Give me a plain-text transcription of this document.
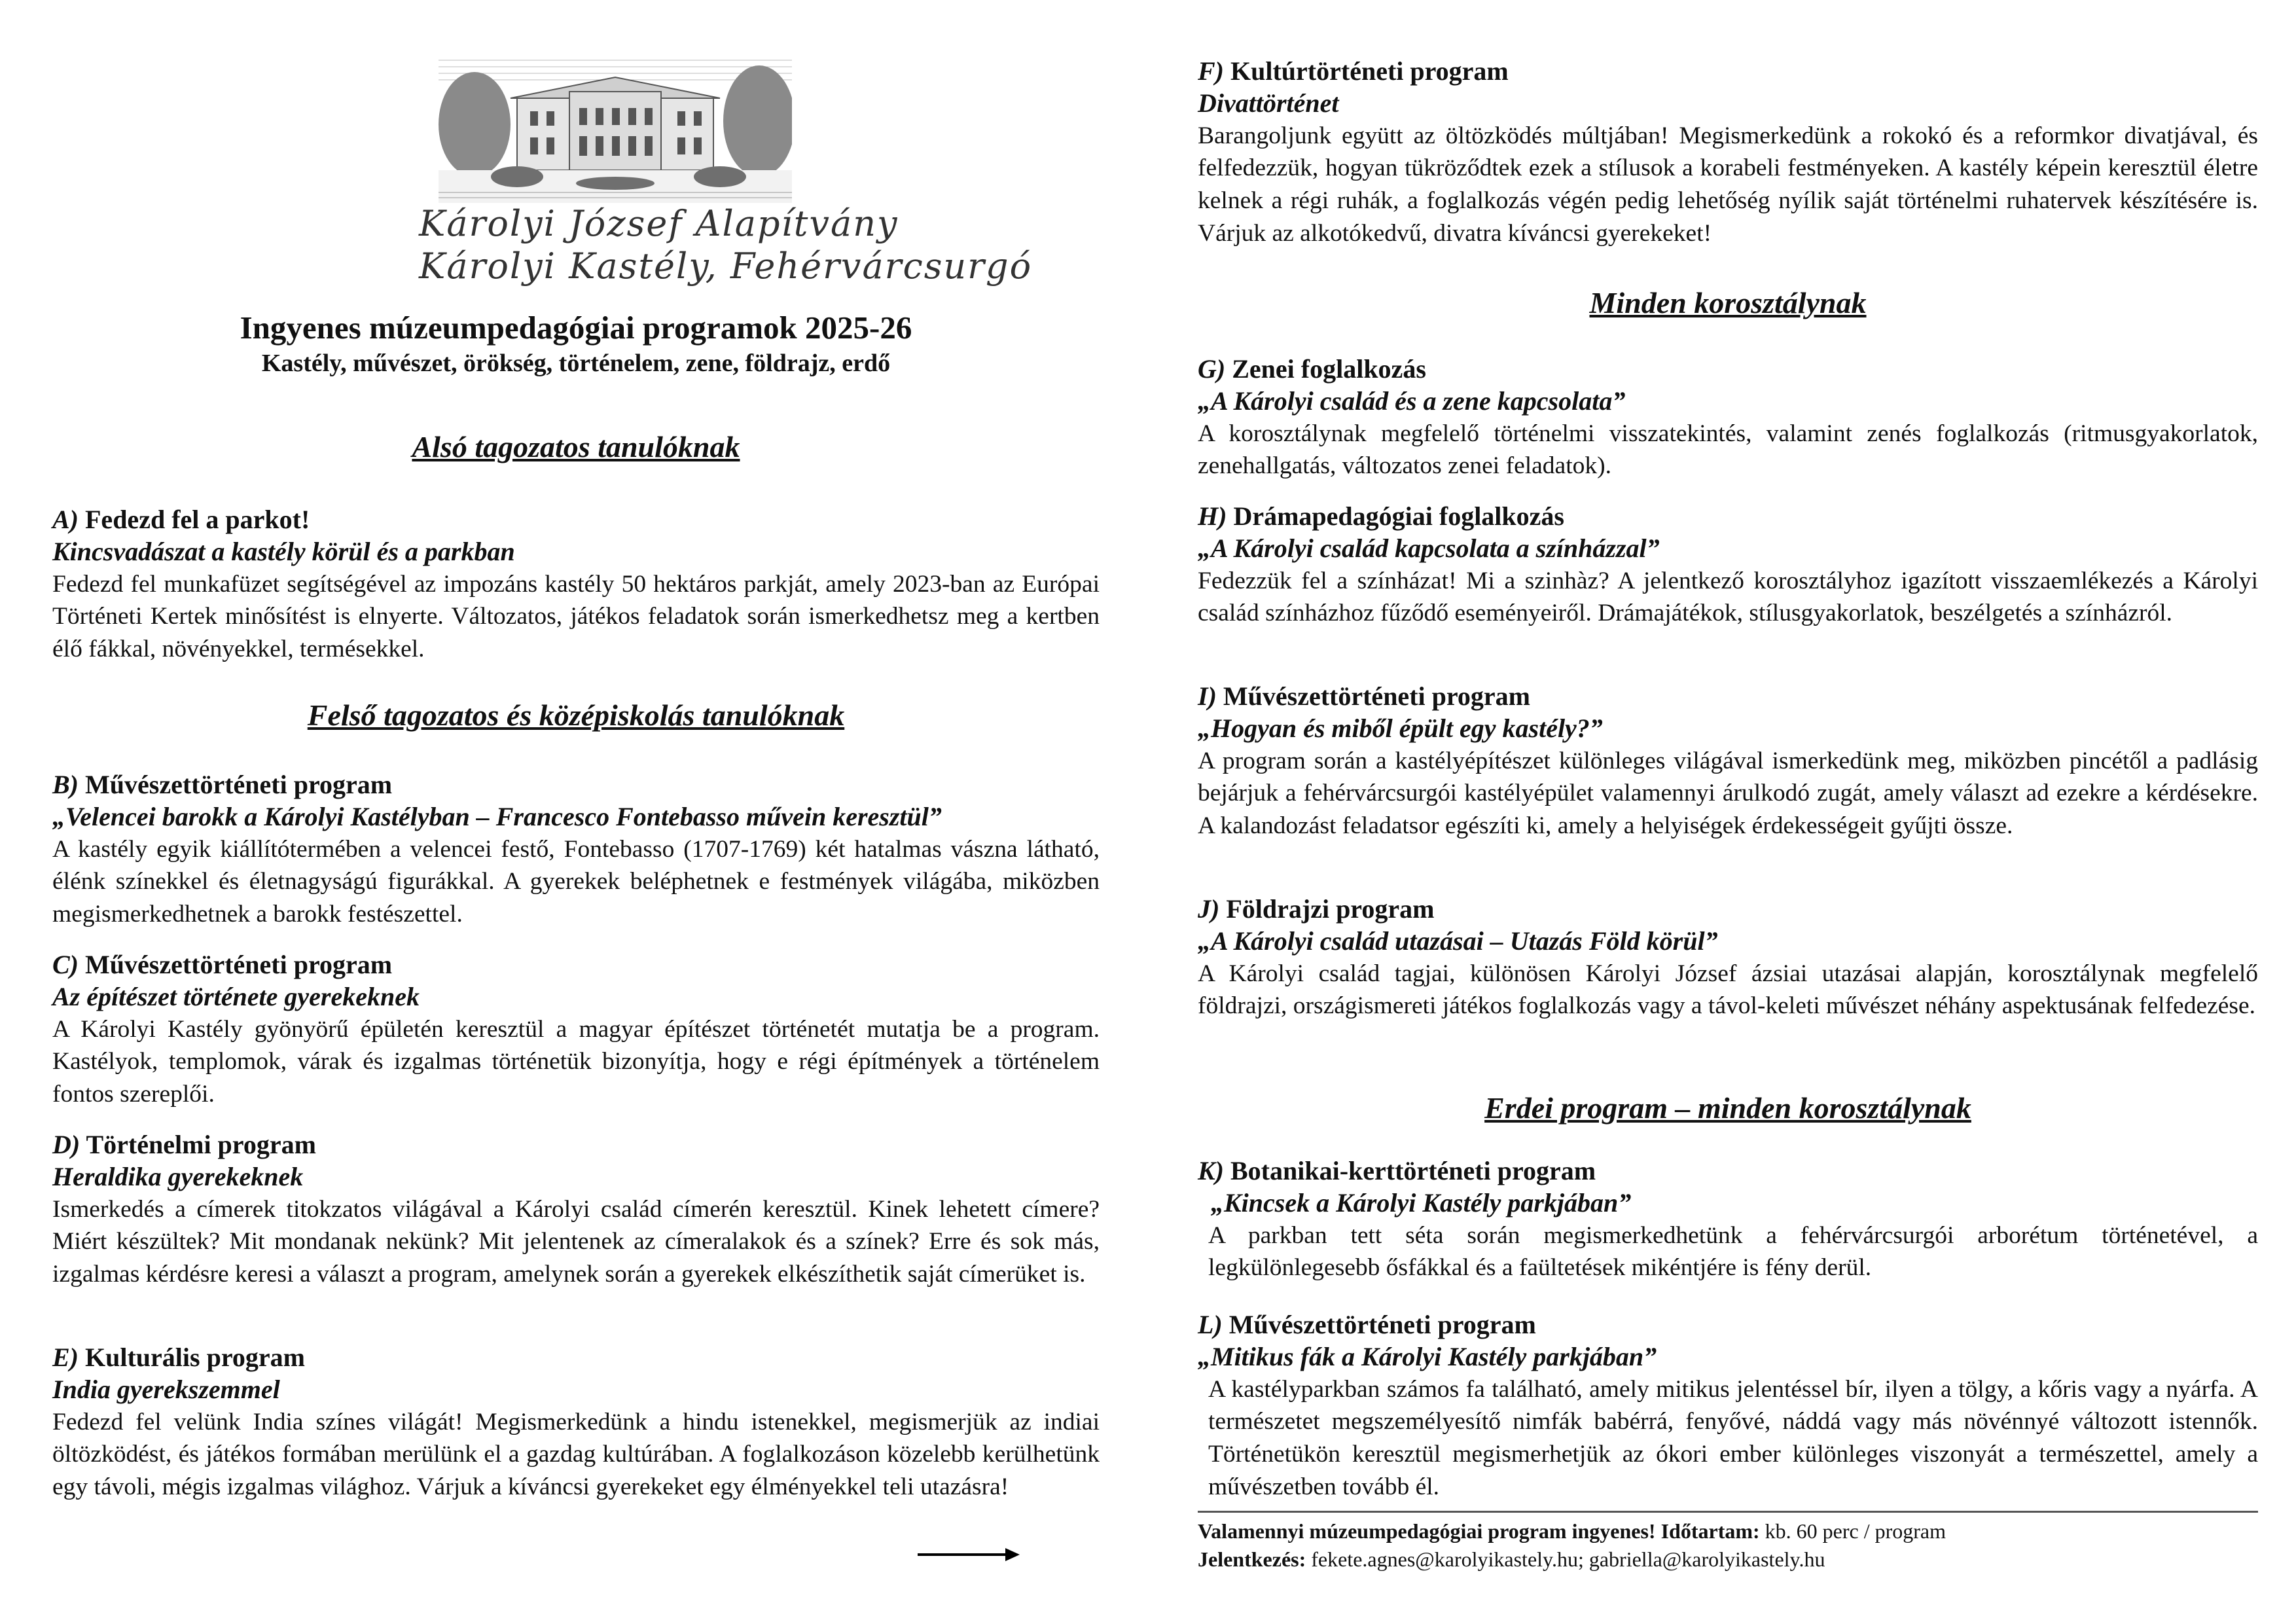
Károlyi József Alapítvány
Károlyi Kastély, Fehérvárcsurgó
Ingyenes múzeumpedagógiai programok 2025-26
Kastély, művészet, örökség, történelem, zene, földrajz, erdő
Alsó tagozatos tanulóknak
A) Fedezd fel a parkot!
Kincsvadászat a kastély körül és a parkban

Fedezd fel munkafüzet segítségével az impozáns kastély 50 hektáros parkját, amely 2023-ban az Európai Történeti Kertek minősítést is elnyerte. Változatos, játékos feladatok során ismerkedhetsz meg a kertben élő fákkal, növényekkel, termésekkel.

Felső tagozatos és középiskolás tanulóknak
B) Művészettörténeti program
„Velencei barokk a Károlyi Kastélyban – Francesco Fontebasso művein keresztül”

A kastély egyik kiállítótermében a velencei festő, Fontebasso (1707-1769) két hatalmas vászna látható, élénk színekkel és életnagyságú figurákkal. A gyerekek beléphetnek e festmények világába, miközben megismerkedhetnek a barokk festészettel.

C) Művészettörténeti program
Az építészet története gyerekeknek

A Károlyi Kastély gyönyörű épületén keresztül a magyar építészet történetét mutatja be a program. Kastélyok, templomok, várak és izgalmas történetük bizonyítja, hogy e régi építmények a történelem fontos szereplői.

D) Történelmi program
Heraldika gyerekeknek

Ismerkedés a címerek titokzatos világával a Károlyi család címerén keresztül. Kinek lehetett címere? Miért készültek? Mit mondanak nekünk? Mit jelentenek az címeralakok és a színek? Erre és sok más, izgalmas kérdésre keresi a választ a program, amelynek során a gyerekek elkészíthetik saját címerüket is.

E) Kulturális program
India gyerekszemmel

Fedezd fel velünk India színes világát! Megismerkedünk a hindu istenekkel, megismerjük az indiai öltözködést, és játékos formában merülünk el a gazdag kultúrában. A foglalkozáson közelebb kerülhetünk egy távoli, mégis izgalmas világhoz. Várjuk a kíváncsi gyerekeket egy élményekkel teli utazásra!

F) Kultúrtörténeti program
Divattörténet

Barangoljunk együtt az öltözködés múltjában! Megismerkedünk a rokokó és a reformkor divatjával, és felfedezzük, hogyan tükröződtek ezek a stílusok a korabeli festményeken. A kastély képein keresztül életre kelnek a régi ruhák, a foglalkozás végén pedig lehetőség nyílik saját történelmi ruhatervek készítésére is. Várjuk az alkotókedvű, divatra kíváncsi gyerekeket!

Minden korosztálynak
G) Zenei foglalkozás
„A Károlyi család és a zene kapcsolata”

A korosztálynak megfelelő történelmi visszatekintés, valamint zenés foglalkozás (ritmusgyakorlatok, zenehallgatás, változatos zenei feladatok).

H) Drámapedagógiai foglalkozás
„A Károlyi család kapcsolata a színházzal”

Fedezzük fel a színházat! Mi a szinhàz? A jelentkező korosztályhoz igazított visszaemlékezés a Károlyi család színházhoz fűződő eseményeiről. Drámajátékok, stílusgyakorlatok, beszélgetés a színházról.

I) Művészettörténeti program
„Hogyan és miből épült egy kastély?”

A program során a kastélyépítészet különleges világával ismerkedünk meg, miközben pincétől a padlásig bejárjuk a fehérvárcsurgói kastélyépület valamennyi árulkodó zugát, amely választ ad ezekre a kérdésekre. A kalandozást feladatsor egészíti ki, amely a helyiségek érdekességeit gyűjti össze.

J) Földrajzi program
„A Károlyi család utazásai – Utazás Föld körül”

A Károlyi család tagjai, különösen Károlyi József ázsiai utazásai alapján, korosztálynak megfelelő földrajzi, országismereti játékos foglalkozás vagy a távol-keleti művészet néhány aspektusának felfedezése.

Erdei program – minden korosztálynak
K) Botanikai-kerttörténeti program
„Kincsek a Károlyi Kastély parkjában”

A parkban tett séta során megismerkedhetünk a fehérvárcsurgói arborétum történetével, a legkülönlegesebb ősfákkal és a faültetések mikéntjére is fény derül.

L) Művészettörténeti program
„Mitikus fák a Károlyi Kastély parkjában”

A kastélyparkban számos fa található, amely mitikus jelentéssel bír, ilyen a tölgy, a kőris vagy a nyárfa. A természetet megszemélyesítő nimfák babérrá, fenyővé, náddá vagy más növénnyé változott istennők. Történetükön keresztül megismerhetjük az ókori ember különleges viszonyát a természettel, amely a művészetben tovább él.

Valamennyi múzeumpedagógiai program ingyenes! Időtartam: kb. 60 perc / program
Jelentkezés: fekete.agnes@karolyikastely.hu; gabriella@karolyikastely.hu
